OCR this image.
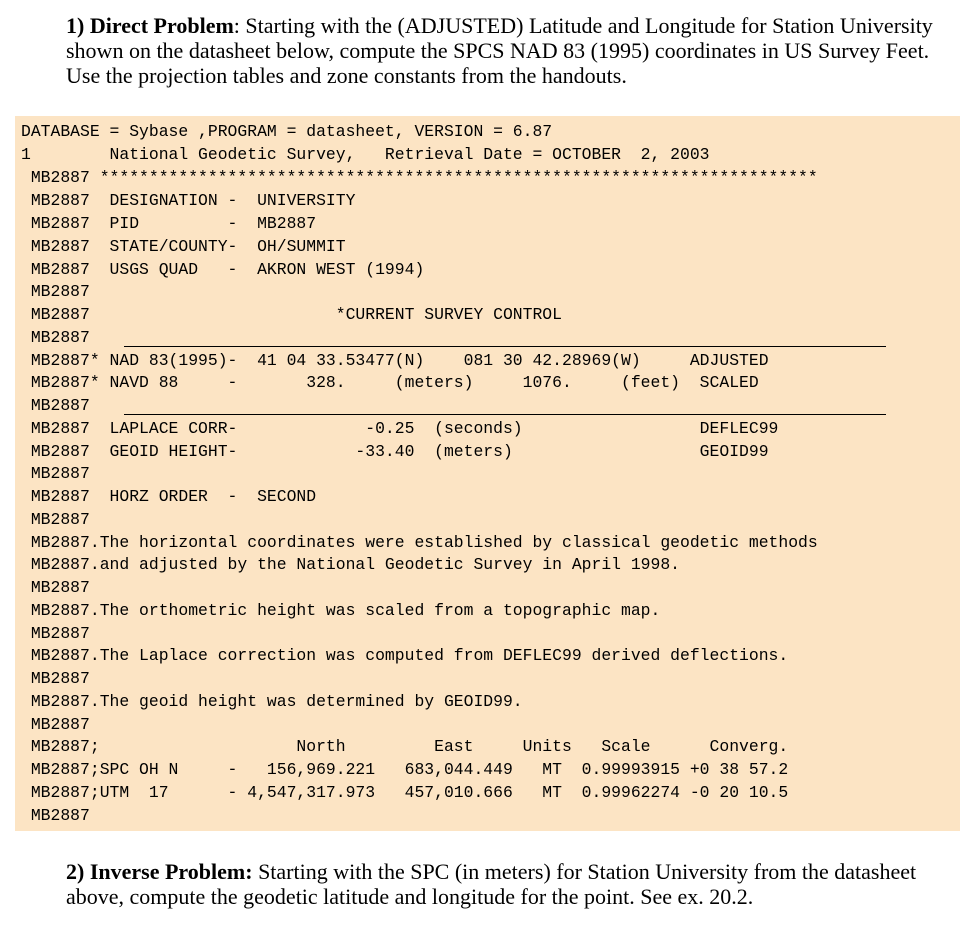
1) Direct Problem: Starting with the (ADJUSTED) Latitude and Longitude for Station University shown on the datasheet below, compute the SPCS NAD 83 (1995) coordinates in US Survey Feet. Use the projection tables and zone constants from the handouts.
DATABASE = Sybase ,PROGRAM = datasheet, VERSION = 6.87
1        National Geodetic Survey,   Retrieval Date = OCTOBER  2, 2003
MB2887 *************************************************************************
MB2887  DESIGNATION -  UNIVERSITY
MB2887  PID         -  MB2887
MB2887  STATE/COUNTY-  OH/SUMMIT
MB2887  USGS QUAD   -  AKRON WEST (1994)
MB2887
MB2887                         *CURRENT SURVEY CONTROL
MB2887
MB2887* NAD 83(1995)-  41 04 33.53477(N)    081 30 42.28969(W)     ADJUSTED
MB2887* NAVD 88     -       328.     (meters)     1076.     (feet)  SCALED
MB2887
MB2887  LAPLACE CORR-             -0.25  (seconds)                  DEFLEC99
MB2887  GEOID HEIGHT-            -33.40  (meters)                   GEOID99
MB2887
MB2887  HORZ ORDER  -  SECOND
MB2887
MB2887.The horizontal coordinates were established by classical geodetic methods
MB2887.and adjusted by the National Geodetic Survey in April 1998.
MB2887
MB2887.The orthometric height was scaled from a topographic map.
MB2887
MB2887.The Laplace correction was computed from DEFLEC99 derived deflections.
MB2887
MB2887.The geoid height was determined by GEOID99.
MB2887
MB2887;                    North         East     Units   Scale      Converg.
MB2887;SPC OH N     -   156,969.221   683,044.449   MT  0.99993915 +0 38 57.2
MB2887;UTM  17      - 4,547,317.973   457,010.666   MT  0.99962274 -0 20 10.5
MB2887
2) Inverse Problem: Starting with the SPC (in meters) for Station University from the datasheet above, compute the geodetic latitude and longitude for the point. See ex. 20.2.
